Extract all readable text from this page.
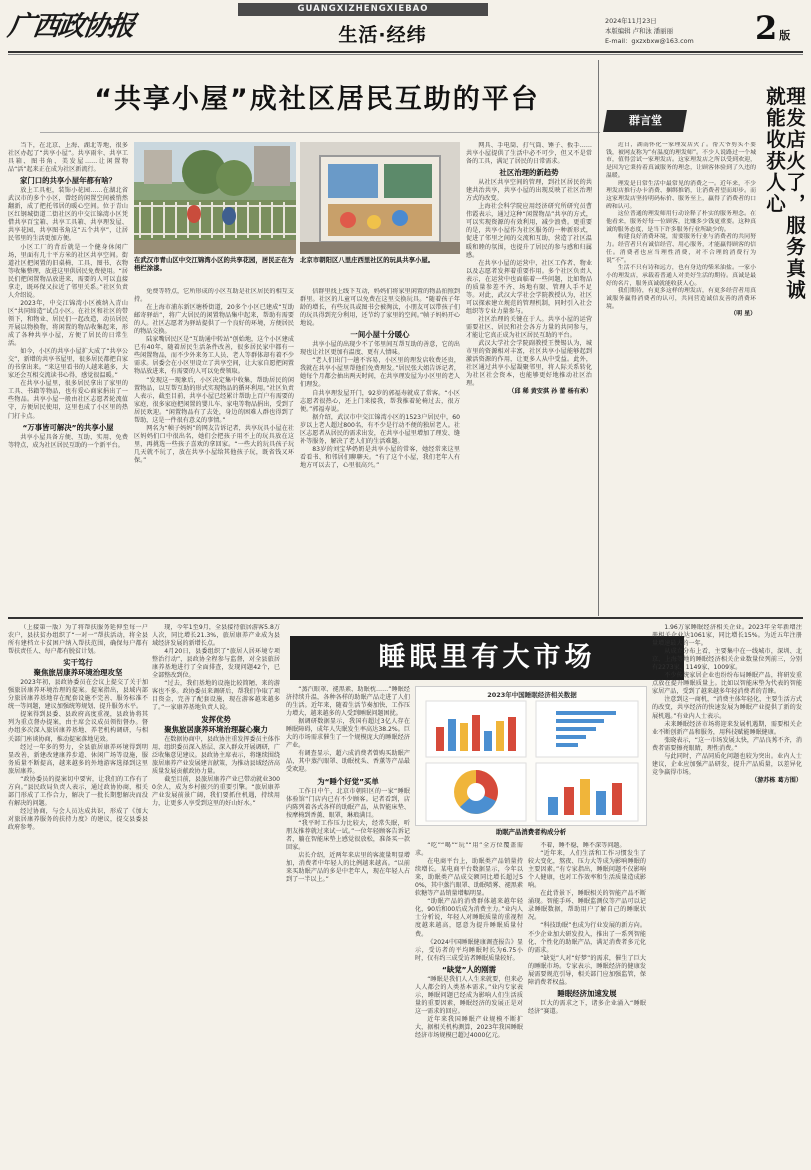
广西政协报
GUANGXIZHENGXIEBAO
生活·经纬
2024年11月23日
本版编辑 卢和泳 潘丽丽
E-mail：gxzxbxw@163.com	2 版
“共享小屋”成社区居民互助的平台

当下，在北京、上海、湖北等地，很多社区办起了“共享小屋”。共享雨伞、共享工具箱、图书角、美发屋……让闲置物品“活”起来正在成为社区新流行。

家门口的共享小屋年都有啥？

放上工具柜，装饰小花园……在湖北省武汉市的多个小区，曾经的闲置空间被悄然翻新，成了把托邻居的暖心空间。位于青山区红钢城街道二街社区的中交江锦湾小区凭借共享百宝箱、共享工具箱、共享理发屋、共享花园、共享图书角这“五个共享”，让居民邻里的生活更加方便。

小区工厂的背后就是一个健身休闲广场，里面有几十平方米的社区共享空间。街道社区把闲置的旧桌椅、工具、图书、衣物等收集整理，放进这里供居民免费使用。“居民们把闲置物品放进来，需要的人可以直接拿走，既环保又拉近了邻里关系。”社区负责人介绍说。

2023年，中交江锦湾小区被纳入青山区“共同缔造”试点小区。在社区和社区的带领下，和物业、居民们一起改造，动员居民开展以物换物，将闲置的物品收集起来，形成了各种共享小屋，方便了居民的日常生活。

如今，小区的共享小屋扩大成了“共享公交”，新增的共享书屋里，很多居民都把自家的书拿出来。“来这里看书的人越来越多，大家还会互相交流读书心得，感觉很温暖。”

在共享小屋里，很多居民拿出了家里的工具、书籍等物品，也有爱心商家捐出了一些物品。共享小屋一般由社区志愿者轮流值守，方便居民使用，这里也成了小区里的热门打卡点。

“万事皆可解决”的共享小屋

共享小屋具备方便、互助、实用、免费等特点，成为社区居民互助的一个新平台。

在武汉市青山区中交江锦湾小区的共享花园，居民正在为梧栏涂漆。
北京市朝阳区八里庄西里社区的玩具共享小屋。

免费等特点，它所形成的小区互助是社区居民的相互支持。

在上海市浦东新区塘桥街道，20多个小区已建成“互助邮寄驿站”，将广大居民的闲置物品集中起来，帮助有需要的人。社区志愿者为驿站提供了一个良好的环境，方便居民的物品交换。

陆家嘴居民区是“互助通中转站”创始地，这个小区建成已有40年，随着居民生活条件改善，很多居民家中都有一些闲置物品，而不少外来务工人员、老人等群体却有着不少需求。居委会在小区里设立了共享空间，让大家自愿把闲置物品放进来，有需要的人可以免费领取。

“发现这一现象后，小区决定集中收集，帮助居民的闲置物品，以互帮互助的形式实现物品的循环利用。”社区负责人表示，截至目前，共享小屋已经累计帮助上百户有需要的家庭，很多家庭把闲置的婴儿车、家电等物品捐出，受到了居民欢迎。“闲置物品有了去处，身边的困难人群也得到了帮助，这是一件很有意义的事情。”

网名为“帧子妈妈”的网友告诉记者，共享玩具小屋在社区妈妈们口中很出名，她们会把孩子用不上的玩具放在这里，再挑选一些孩子喜欢的拿回家。“一些大的玩具孩子玩几天就不玩了，放在共享小屋给其他孩子玩，既省钱又环保。”

信群里找上线下互动，妈妈们将家里闲置的物品拍照到群里。社区的儿童可以免费在这里交换玩具。“随着孩子年龄的增长，有些玩具或图书会被淘汰，小朋友可以带孩子们的玩具得到充分利用，还节约了家里的空间。”帧子妈妈开心地说。

一间小屋十分暖心

共享小屋的出现少不了邻里间互帮互助的善意，它的出现也让社区更加有温度、更有人情味。

“老人们出门一趟不容易，小区里的理发店收费还贵，我就在共享小屋里帮他们免费理发。”居民张大姐告诉记者，她每个月都会抽出两天时间，在共享理发屋为小区里的老人们理发。

自共享理发屋开门，92岁的郭福寿就成了常客。“小区志愿者很热心，还上门来接我，帮我推着轮椅过去，很方便。”郭福寿说。

据介绍，武汉市中交江锦湾小区的1523户居民中，60岁以上老人超过800名，有不少是行动不便的独居老人。社区志愿者从居民的需求出发，在共享小屋里增加了理发、缝补等服务，解决了老人们的生活难题。

83岁的刘宝华奶奶是共享小屋的常客，她经常来这里看看书、和邻居们聊聊天。“有了这个小屋，我们老年人有地方可以去了，心里很高兴。”

网具、手电筒、打气筒、锤子、扳手……共享小屋提供了生活中必不可少，但又不是常备的工具，满足了居民的日常需求。

社区治理的新趋势

从社区共享空间的管理，到社区居民的共建共治共享，共享小屋的出现反映了社区治理方式的改变。

上海社会科学院应用经济研究所研究员曹伟霞表示，通过这种“闲置物品”共享的方式，可以实现资源的有效利用，减少浪费。更重要的是，共享小屋作为社区服务的一种新形式，促进了邻里之间的交流和互助，营造了社区温暖和睦的氛围，也提升了居民的参与感和归属感。

在共享小屋的运营中，社区工作者、物业以及志愿者发挥着重要作用。多个社区负责人表示，在运营中也面临着一些问题，比如物品的质量参差不齐、场地有限、管理人手不足等。对此，武汉大学社会学院教授认为，社区可以探索建立规范的管理机制，同时引入社会组织等专业力量参与。

社区治理的关键在于人。共享小屋的运营需要社区、居民和社会各方力量的共同参与，才能让它真正成为社区居民互助的平台。

武汉大学社会学院副教授王赞锡认为，城市里的资源相对丰富，社区共享小屋能够起到激活资源的作用，让更多人从中受益。此外，社区通过共享小屋凝聚邻里，将人际关系转化为社区社会资本，也能够更好地推动社区治理。

（邱 稀 黄安淇 孙 蕾 杨有承）

群言堂	理发店火了，服务真诚就能收获人心

近日，湖南怀化一家理发店火了。帮大爷剪头不要钱，被网友称为“有温度的理发师”。不少人说路过一个城市，值得尝试一家理发店。这家理发店之所以受到欢迎，是因为它秉持着真诚服务的理念，让顾客体验到了久违的温暖。

理发是日常生活中最常见的消费之一。近年来，不少理发店推行办卡消费、捆绑推销，让消费者望而却步。而这家理发店坚持明码标价、服务至上，赢得了消费者的口碑和认可。

这位普通的理发师用行动诠释了朴实的服务理念。在他看来，服务好每一位顾客，比赚多少钱更重要。这种真诚的服务态度，是当下许多服务行业所缺少的。

构建良好消费环境，需要服务行业与消费者的共同努力。经营者只有诚信经营、用心服务，才能赢得顾客的信任。消费者也应当理性消费，对不合理的消费行为说“不”。

生活不只有诗和远方，也有身边的柴米油盐。一家小小的理发店，承载着普通人对美好生活的期待。真诚是最好的名片，服务真诚就能收获人心。

我们期待，有更多这样的理发店，有更多经营者用真诚服务赢得消费者的认可，共同营造诚信友善的消费环境。

（明 星）

（上接第一版）为了将帮扶服务延伸至每一户农户，县扶贫办组织了“一对一”帮扶活动，将全县所有建档立卡贫困户纳入帮扶范围，确保每户都有帮扶责任人、每户都有脱贫计划。

实干笃行
聚焦旅居康养环境治理攻坚

2023年初，县政协委员在会议上提交了关于加强旅居康养环境治理的提案。提案指出，县域内部分旅居康养基地存在配套设施不完善、服务标准不统一等问题，建议加强统筹规划、提升服务水平。

提案得到县委、县政府高度重视，县政协将其列为重点督办提案，由主席会议成员领衔督办。督办组多次深入旅居康养基地、养老机构调研，与相关部门座谈协商，推动提案落地见效。

经过一年多的努力，全县旅居康养环境得到明显改善，新建改建康养步道、休闲广场等设施，服务质量不断提高，越来越多的外地游客选择到这里旅居康养。

“政协委员的提案切中要害，让我们的工作有了方向。”县民政局负责人表示，通过政协协商，相关部门形成了工作合力，解决了一批长期想解决而没有解决的问题。

经过协商，与会人员达成共识，形成了《加大对旅居康养服务的扶持力度》的建议，提交县委县政府参考。

现，今年1至9月，全县接待旅居游客5.8万人次，同比增长21.3%，旅居康养产业成为县域经济发展的新增长点。

4月20日，县委组织了“旅居人居环境专项整治行动”，县政协全程参与监督，对全县旅居康养基地进行了全面排查，发现问题42个，已全部整改到位。

“过去，我们基地的设施比较简陋，来的游客也不多。政协委员来调研后，帮我们争取了项目资金，完善了配套设施，现在游客越来越多了。”一家康养基地负责人说。

发挥优势
聚焦旅居康养环境治理凝心聚力

在数据协商中，县政协注重发挥委员主体作用，组织委员深入基层、深入群众开展调研，广泛收集意见建议。县政协主席表示，将继续围绕旅居康养产业发展建言献策，为推动县域经济高质量发展贡献政协力量。

截至目前，县旅居康养产业已带动就业3000余人，成为乡村振兴的重要引擎。“旅居康养产业发展前景广阔，我们要抓住机遇，持续用力，让更多人享受到这里的好山好水。”

睡眠里有大市场
2023年中国睡眠经济相关数据
助眠产品消费者构成分析

“蒸汽眼罩、褪黑素、助眠枕……”睡眠经济持续升温，各种各样的助眠产品走进了人们的生活。近年来，随着生活节奏加快、工作压力增大，越来越多的人受到睡眠问题困扰。

据调研数据显示，我国有超过3亿人存在睡眠障碍，成年人失眠发生率高达38.2%。巨大的市场需求催生了一个规模庞大的睡眠经济产业。

有调查显示，超六成消费者曾购买助眠产品，其中蒸汽眼罩、助眠枕头、香薰等产品最受欢迎。

为“睡个好觉”买单

工作日中午，北京市朝阳区的一家“睡眠体验馆”门店内已有不少顾客。记者看到，店内陈列着各式各样的助眠产品，从智能床垫、按摩椅到香薰、眼罩，琳琅满目。

“我平时工作压力比较大，经常失眠，听朋友推荐就过来试一试。”一位年轻顾客告诉记者，躺在智能床垫上感觉很放松，准备买一款回家。

店长介绍，近两年来店里的客流量明显增加，消费者中年轻人的比例越来越高。“以前来买助眠产品的多是中老年人，现在年轻人占到了一半以上。”

“吃”“喝”“玩”“用”全方位覆盖需求。

在电商平台上，助眠类产品销量持续增长。某电商平台数据显示，今年以来，助眠类产品成交额同比增长超过50%，其中蒸汽眼罩、助眠喷雾、褪黑素软糖等产品销量增幅明显。

“助眠产品的消费群体越来越年轻化，90后和00后成为消费主力。”业内人士分析说，年轻人对睡眠质量的重视程度越来越高，愿意为提升睡眠质量付费。

《2024中国睡眠健康调查报告》显示，受访者的平均睡眠时长为6.75小时，仅有约三成受访者睡眠质量较好。

“缺觉”人的刚需

“睡眠是我们人人生来就要，但来必人人都会的人类基本需求。”业内专家表示，睡眠问题已经成为影响人们生活质量的重要因素，睡眠经济的发展正是对这一需求的回应。

近年来我国睡眠产业规模不断扩大，据相关机构测算，2023年我国睡眠经济市场规模已超过4000亿元。

不着，睡不稳，睡不深等问题。

“近年来，人们生活和工作习惯发生了较大变化，熬夜、压力大等成为影响睡眠的主要因素。”有专家指出，睡眠问题不仅影响个人健康，也对工作效率和生活质量造成影响。

在此背景下，睡眠相关的智能产品不断涌现。智能手环、睡眠监测仪等产品可以记录睡眠数据，帮助用户了解自己的睡眠状况。

“科技助眠”也成为行业发展的新方向。不少企业加大研发投入，推出了一系列智能化、个性化的助眠产品，满足消费者多元化的需求。

“缺觉”人对“好梦”的需求，催生了巨大的睡眠市场。专家表示，睡眠经济的健康发展需要规范引导，相关部门应加强监管，保障消费者权益。

睡眠经济加速发展

巨大的需求之下，诸多企业涌入“睡眠经济”赛道。

1.96万家睡眠经济相关企业。2023年全年新增注册相关企业达1061家，同比增长15%。为近五年注册量增速最大的一年。

从成立分布上看，主要集中在一线城市，深圳、北京、上海等地的睡眠经济相关企业数量位列前三，分别有2273家、1149家、1009家。

不少传统家居企业也纷纷布局睡眠产品，将研发重点放在提升睡眠质量上。比如以智能床垫为代表的智能家居产品，受到了越来越多年轻消费者的青睐。

注意到这一商机，“消费主体年轻化，主要生活方式的改变，共享经济的快速发展为睡眠产业提供了新的发展机遇。”有业内人士表示。

未来睡眠经济市场将迎来发展机遇期，需要相关企业不断创新产品和服务，用科技赋能睡眠健康。

张晓表示，“这一市场发展太快，产品良莠不齐，消费者需要擦亮眼睛，理性消费。”

与此同时，产品同质化问题也较为突出。业内人士建议，企业应加强产品研发，提升产品质量，以差异化竞争赢得市场。

（游苏栋 葛方围）
